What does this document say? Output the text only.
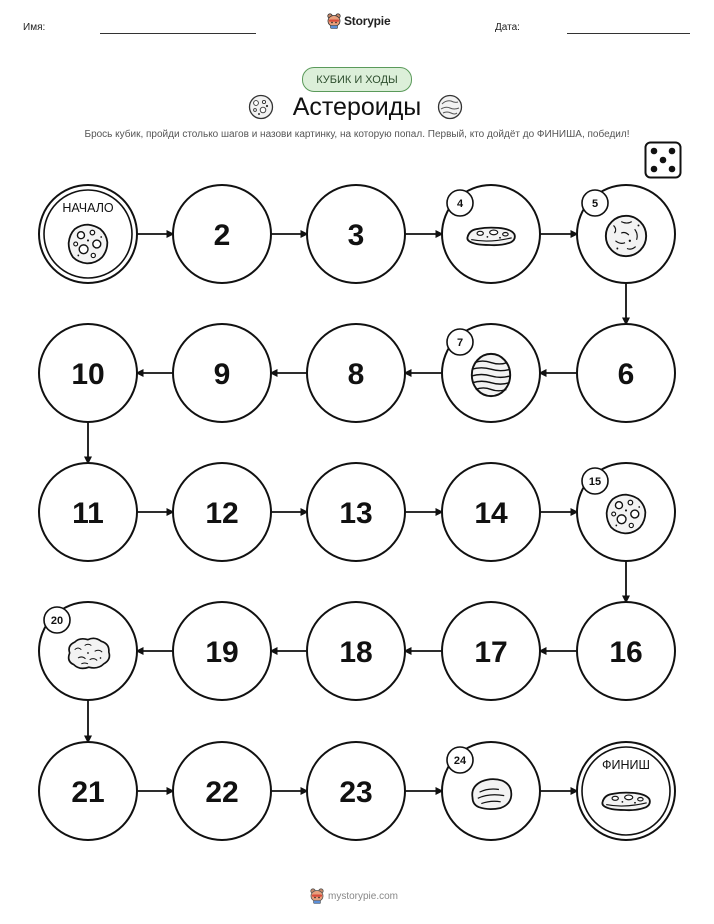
Имя:	Storypie	Дата:
КУБИК И ХОДЫ
Астероиды
Брось кубик, пройди столько шагов и назови картинку, на которую попал. Первый, кто дойдёт до ФИНИША, победил!
НАЧАЛО
2	3
4	5
6
7
8
9
10
11	12	13	14
15
16
17
18
19
20
21	22	23
24	ФИНИШ
mystorypie.com
